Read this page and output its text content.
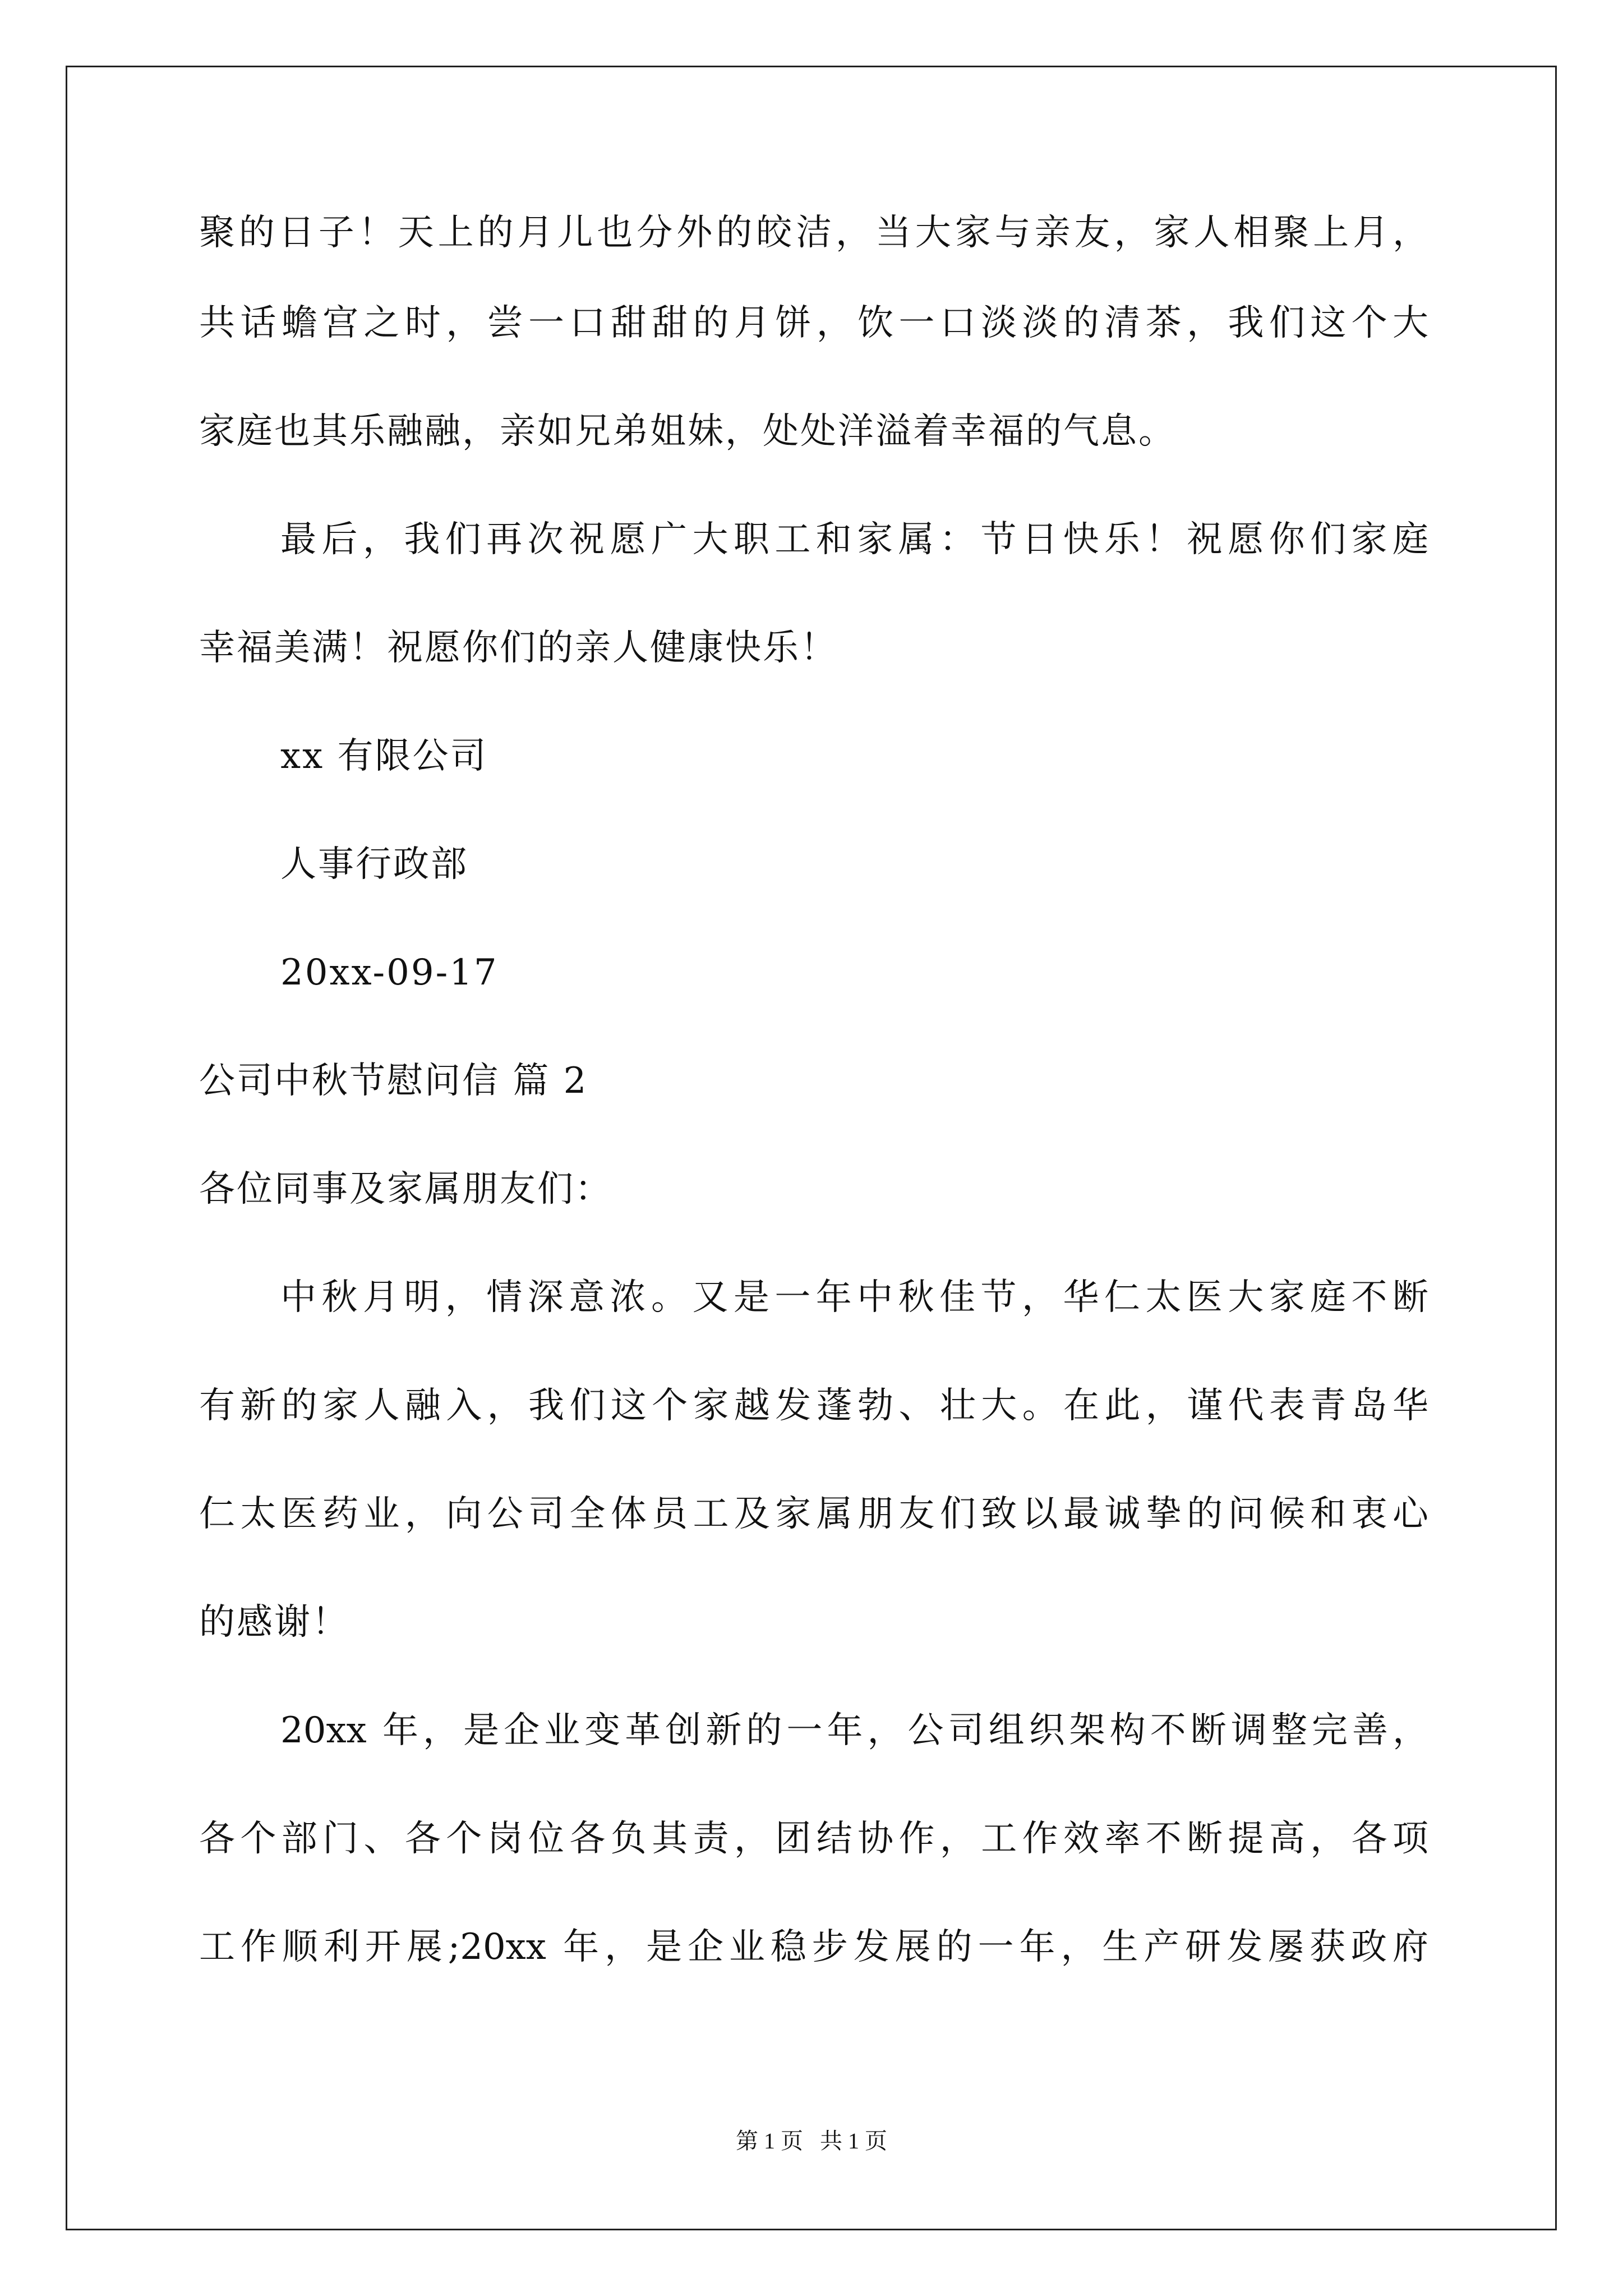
聚的日子！天上的月儿也分外的皎洁，当大家与亲友，家人相聚上月，
共话蟾宫之时，尝一口甜甜的月饼，饮一口淡淡的清茶，我们这个大
家庭也其乐融融，亲如兄弟姐妹，处处洋溢着幸福的气息。
最后，我们再次祝愿广大职工和家属：节日快乐！祝愿你们家庭
幸福美满！祝愿你们的亲人健康快乐！
xx 有限公司
人事行政部
20xx-09-17
公司中秋节慰问信 篇 2
各位同事及家属朋友们：
中秋月明，情深意浓。又是一年中秋佳节，华仁太医大家庭不断
有新的家人融入，我们这个家越发蓬勃、壮大。在此，谨代表青岛华
仁太医药业，向公司全体员工及家属朋友们致以最诚挚的问候和衷心
的感谢！
20xx 年，是企业变革创新的一年，公司组织架构不断调整完善，
各个部门、各个岗位各负其责，团结协作，工作效率不断提高，各项
工作顺利开展;20xx 年，是企业稳步发展的一年，生产研发屡获政府
第 1 页   共 1 页
